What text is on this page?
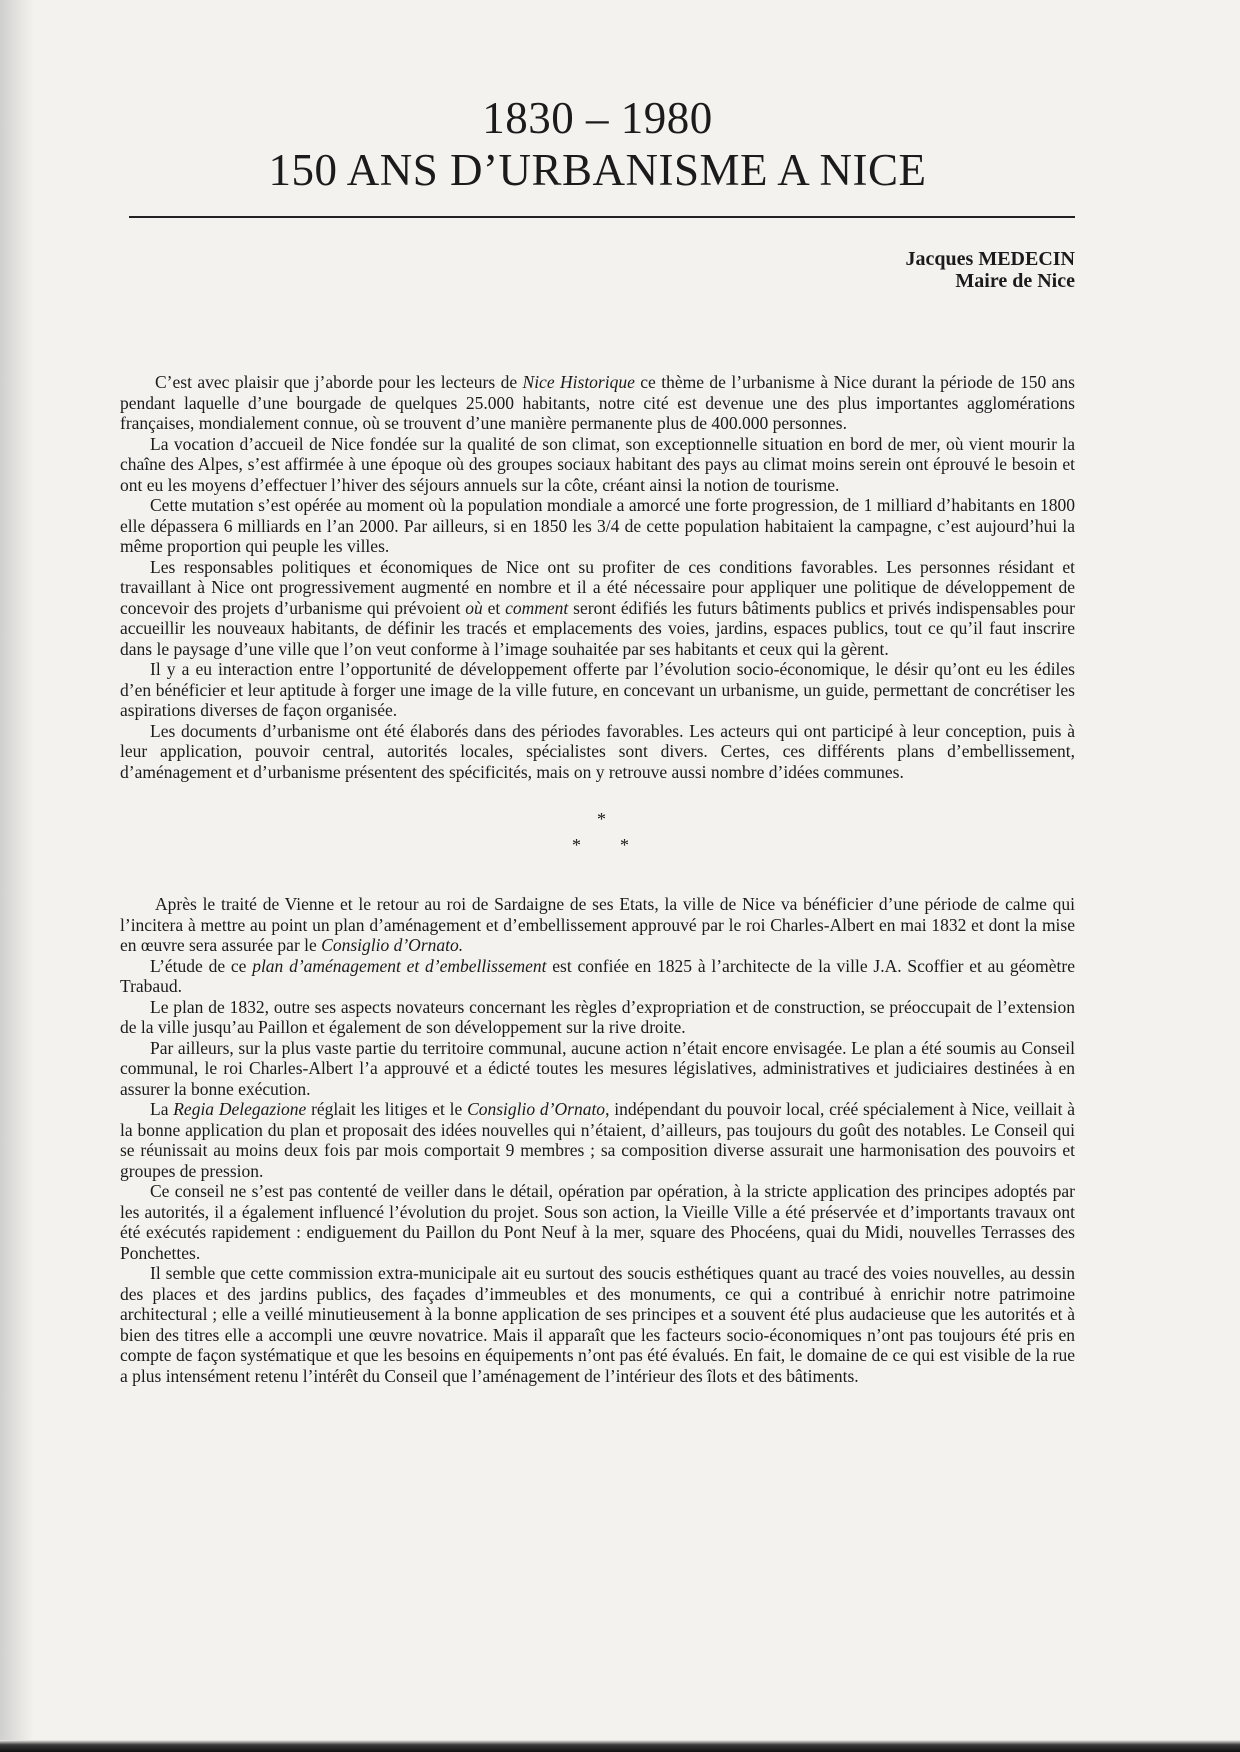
1830 – 1980
150 ANS D’URBANISME A NICE
Jacques MEDECIN
Maire de Nice

C’est avec plaisir que j’aborde pour les lecteurs de Nice Historique ce thème de l’urbanisme à Nice durant la période de 150 ans pendant laquelle d’une bourgade de quelques 25.000 habitants, notre cité est devenue une des plus importantes agglomérations françaises, mondialement connue, où se trouvent d’une manière permanente plus de 400.000 personnes.

La vocation d’accueil de Nice fondée sur la qualité de son climat, son exceptionnelle situation en bord de mer, où vient mourir la chaîne des Alpes, s’est affirmée à une époque où des groupes sociaux habitant des pays au climat moins serein ont éprouvé le besoin et ont eu les moyens d’effectuer l’hiver des séjours annuels sur la côte, créant ainsi la notion de tourisme.

Cette mutation s’est opérée au moment où la population mondiale a amorcé une forte progression, de 1 milliard d’habitants en 1800 elle dépassera 6 milliards en l’an 2000. Par ailleurs, si en 1850 les 3/4 de cette population habitaient la campagne, c’est aujourd’hui la même proportion qui peuple les villes.

Les responsables politiques et économiques de Nice ont su profiter de ces conditions favorables. Les personnes résidant et travaillant à Nice ont progressivement augmenté en nombre et il a été nécessaire pour appliquer une politique de développement de concevoir des projets d’urbanisme qui prévoient où et comment seront édifiés les futurs bâtiments publics et privés indispensables pour accueillir les nouveaux habitants, de définir les tracés et emplacements des voies, jardins, espaces publics, tout ce qu’il faut inscrire dans le paysage d’une ville que l’on veut conforme à l’image souhaitée par ses habitants et ceux qui la gèrent.

Il y a eu interaction entre l’opportunité de développement offerte par l’évolution socio-économique, le désir qu’ont eu les édiles d’en bénéficier et leur aptitude à forger une image de la ville future, en concevant un urbanisme, un guide, permettant de concrétiser les aspirations diverses de façon organisée.

Les documents d’urbanisme ont été élaborés dans des périodes favorables. Les acteurs qui ont participé à leur conception, puis à leur application, pouvoir central, autorités locales, spécialistes sont divers. Certes, ces différents plans d’embellissement, d’aménagement et d’urbanisme présentent des spécificités, mais on y retrouve aussi nombre d’idées communes.

*
* *

Après le traité de Vienne et le retour au roi de Sardaigne de ses Etats, la ville de Nice va bénéficier d’une période de calme qui l’incitera à mettre au point un plan d’aménagement et d’embellissement approuvé par le roi Charles-Albert en mai 1832 et dont la mise en œuvre sera assurée par le Consiglio d’Ornato.

L’étude de ce plan d’aménagement et d’embellissement est confiée en 1825 à l’architecte de la ville J.A. Scoffier et au géomètre Trabaud.

Le plan de 1832, outre ses aspects novateurs concernant les règles d’expropriation et de construction, se préoccupait de l’extension de la ville jusqu’au Paillon et également de son développement sur la rive droite.

Par ailleurs, sur la plus vaste partie du territoire communal, aucune action n’était encore envisagée. Le plan a été soumis au Conseil communal, le roi Charles-Albert l’a approuvé et a édicté toutes les mesures législatives, administratives et judiciaires destinées à en assurer la bonne exécution.

La Regia Delegazione réglait les litiges et le Consiglio d’Ornato, indépendant du pouvoir local, créé spécialement à Nice, veillait à la bonne application du plan et proposait des idées nouvelles qui n’étaient, d’ailleurs, pas toujours du goût des notables. Le Conseil qui se réunissait au moins deux fois par mois comportait 9 membres ; sa composition diverse assurait une harmonisation des pouvoirs et groupes de pression.

Ce conseil ne s’est pas contenté de veiller dans le détail, opération par opération, à la stricte application des principes adoptés par les autorités, il a également influencé l’évolution du projet. Sous son action, la Vieille Ville a été préservée et d’importants travaux ont été exécutés rapidement : endiguement du Paillon du Pont Neuf à la mer, square des Phocéens, quai du Midi, nouvelles Terrasses des Ponchettes.

Il semble que cette commission extra-municipale ait eu surtout des soucis esthétiques quant au tracé des voies nouvelles, au dessin des places et des jardins publics, des façades d’immeubles et des monuments, ce qui a contribué à enrichir notre patrimoine architectural ; elle a veillé minutieusement à la bonne application de ses principes et a souvent été plus audacieuse que les autorités et à bien des titres elle a accompli une œuvre novatrice. Mais il apparaît que les facteurs socio-économiques n’ont pas toujours été pris en compte de façon systématique et que les besoins en équipements n’ont pas été évalués. En fait, le domaine de ce qui est visible de la rue a plus intensément retenu l’intérêt du Conseil que l’aménagement de l’intérieur des îlots et des bâtiments.
